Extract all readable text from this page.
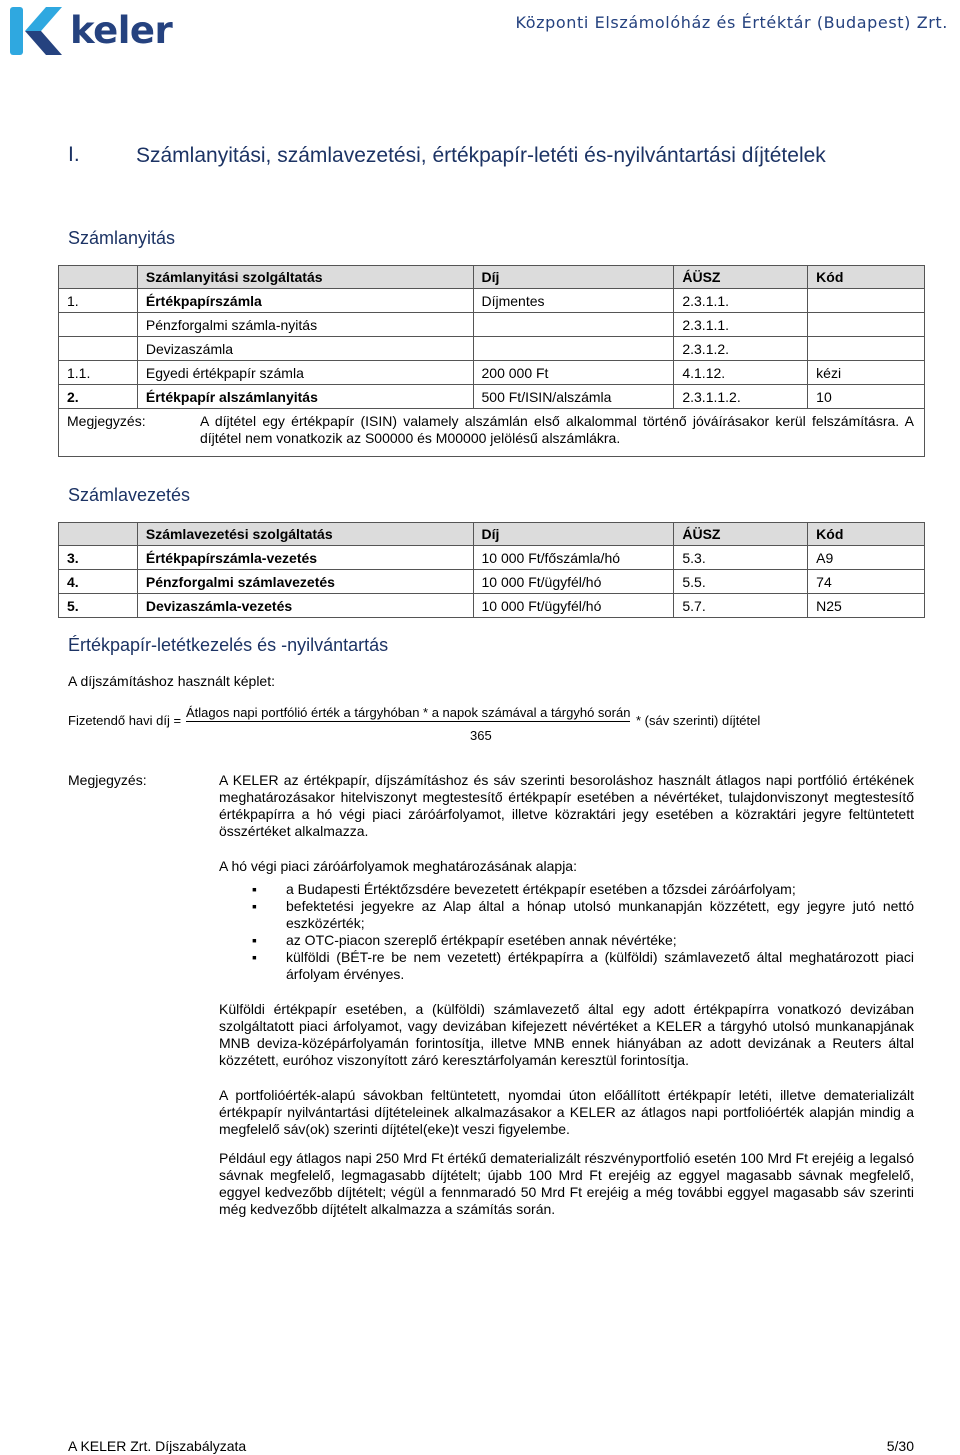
keler	Központi Elszámolóház és Értéktár (Budapest) Zrt.
I.	Számlanyitási, számlavezetési, értékpapír-letéti és-nyilvántartási díjtételek
Számlanyitás
	Számlanyitási szolgáltatás	Díj	ÁÜSZ	Kód
1.	Értékpapírszámla	Díjmentes	2.3.1.1.	
	Pénzforgalmi számla-nyitás		2.3.1.1.	
	Devizaszámla		2.3.1.2.	
1.1.	Egyedi értékpapír számla	200 000 Ft	4.1.12.	kézi
2.	Értékpapír alszámlanyitás	500 Ft/ISIN/alszámla	2.3.1.1.2.	10

Megjegyzés: A díjtétel egy értékpapír (ISIN) valamely alszámlán első alkalommal történő jóváírásakor kerül felszámításra. A díjtétel nem vonatkozik az S00000 és M00000 jelölésű alszámlákra.				
Számlavezetés
	Számlavezetési szolgáltatás	Díj	ÁÜSZ	Kód
3.	Értékpapírszámla-vezetés	10 000 Ft/főszámla/hó	5.3.	A9
4.	Pénzforgalmi számlavezetés	10 000 Ft/ügyfél/hó	5.5.	74
5.	Devizaszámla-vezetés	10 000 Ft/ügyfél/hó	5.7.	N25
Értékpapír-letétkezelés és -nyilvántartás
A díjszámításhoz használt képlet:
Fizetendő havi díj =
Átlagos napi portfólió érték a tárgyhóban * a napok számával a tárgyhó során
365
* (sáv szerinti) díjtétel
Megjegyzés:	A KELER az értékpapír, díjszámításhoz és sáv szerinti besoroláshoz használt átlagos napi portfólió értékének meghatározásakor hitelviszonyt megtestesítő értékpapír esetében a névértéket, tulajdonviszonyt megtestesítő értékpapírra a hó végi piaci záróárfolyamot, illetve közraktári jegy esetében a közraktári jegyre feltüntetett összértéket alkalmazza.
A hó végi piaci záróárfolyamok meghatározásának alapja:
▪ a Budapesti Értéktőzsdére bevezetett értékpapír esetében a tőzsdei záróárfolyam;
▪ befektetési jegyekre az Alap által a hónap utolsó munkanapján közzétett, egy jegyre jutó nettó eszközérték;
▪ az OTC-piacon szereplő értékpapír esetében annak névértéke;
▪ külföldi (BÉT-re be nem vezetett) értékpapírra a (külföldi) számlavezető által meghatározott piaci árfolyam érvényes.
Külföldi értékpapír esetében, a (külföldi) számlavezető által egy adott értékpapírra vonatkozó devizában szolgáltatott piaci árfolyamot, vagy devizában kifejezett névértéket a KELER a tárgyhó utolsó munkanapjának MNB deviza-középárfolyamán forintosítja, illetve MNB ennek hiányában az adott devizának a Reuters által közzétett, euróhoz viszonyított záró keresztárfolyamán keresztül forintosítja.
A portfolióérték-alapú sávokban feltüntetett, nyomdai úton előállított értékpapír letéti, illetve dematerializált értékpapír nyilvántartási díjtételeinek alkalmazásakor a KELER az átlagos napi portfolióérték alapján mindig a megfelelő sáv(ok) szerinti díjtétel(eke)t veszi figyelembe.
Például egy átlagos napi 250 Mrd Ft értékű dematerializált részvényportfolió esetén 100 Mrd Ft erejéig a legalsó sávnak megfelelő, legmagasabb díjtételt; újabb 100 Mrd Ft erejéig az eggyel magasabb sávnak megfelelő, eggyel kedvezőbb díjtételt; végül a fennmaradó 50 Mrd Ft erejéig a még további eggyel magasabb sáv szerinti még kedvezőbb díjtételt alkalmazza a számítás során.
A KELER Zrt. Díjszabályzata	5/30
